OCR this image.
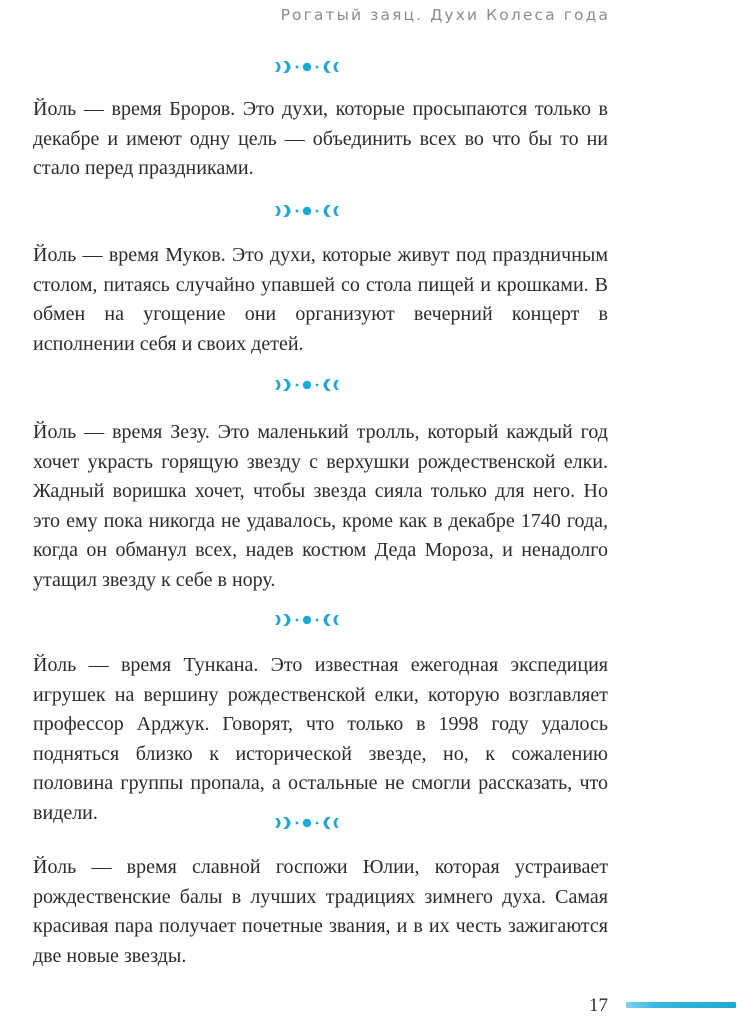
Рогатый заяц. Духи Колеса года

Йоль — время Броров. Это духи, которые просыпаются только в декабре и имеют одну цель — объединить всех во что бы то ни стало перед праздниками.

Йоль — время Муков. Это духи, которые живут под праздничным столом, питаясь случайно упавшей со стола пищей и крошками. В обмен на угощение они организуют вечерний концерт в исполнении себя и своих детей.

Йоль — время Зезу. Это маленький тролль, который каждый год хочет украсть горящую звезду с верхушки рождественской елки. Жадный воришка хочет, чтобы звезда сияла только для него. Но это ему пока никогда не удавалось, кроме как в декабре 1740 года, когда он обманул всех, надев костюм Деда Мороза, и ненадолго утащил звезду к себе в нору.

Йоль — время Тункана. Это известная ежегодная экспедиция игрушек на вершину рождественской елки, которую возглавляет профессор Арджук. Говорят, что только в 1998 году удалось подняться близко к исторической звезде, но, к сожалению половина группы пропала, а остальные не смогли рассказать, что видели.

Йоль — время славной госпожи Юлии, которая устраивает рождественские балы в лучших традициях зимнего духа. Самая красивая пара получает почетные звания, и в их честь зажигаются две новые звезды.

17
